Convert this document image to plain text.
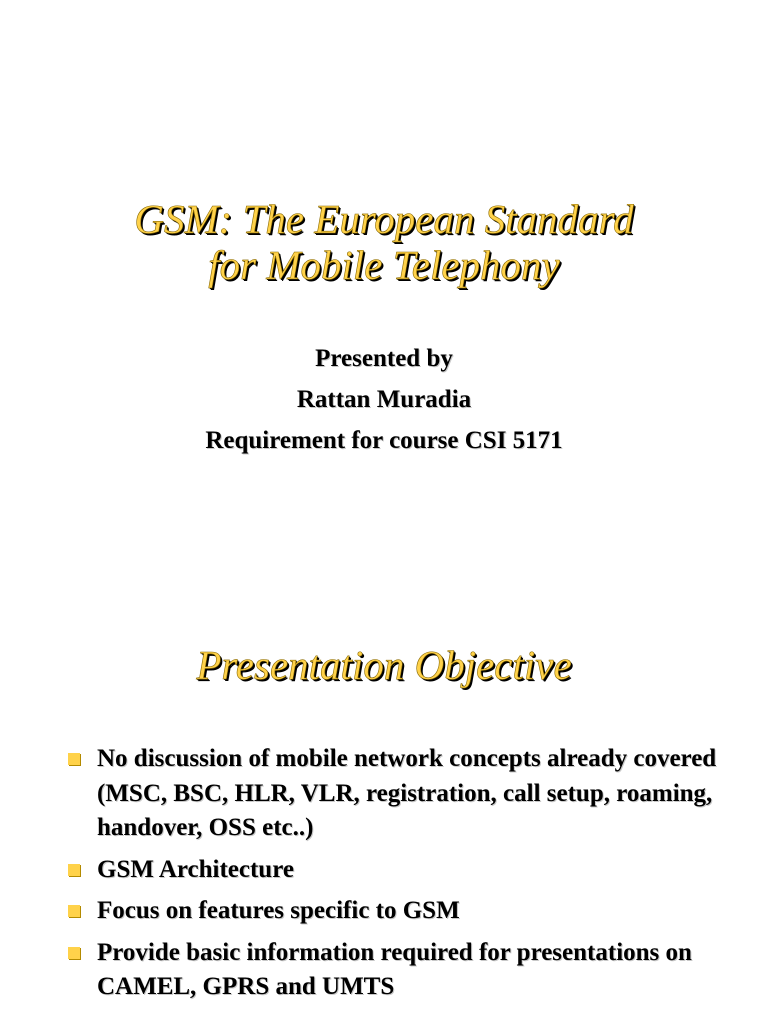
GSM: The European Standard
for Mobile Telephony
Presented by
Rattan Muradia
Requirement for course CSI 5171
Presentation Objective
No discussion of mobile network concepts already covered (MSC, BSC, HLR, VLR, registration, call setup, roaming, handover, OSS etc..)
GSM Architecture
Focus on features specific to GSM
Provide basic information required for presentations on CAMEL, GPRS and UMTS
